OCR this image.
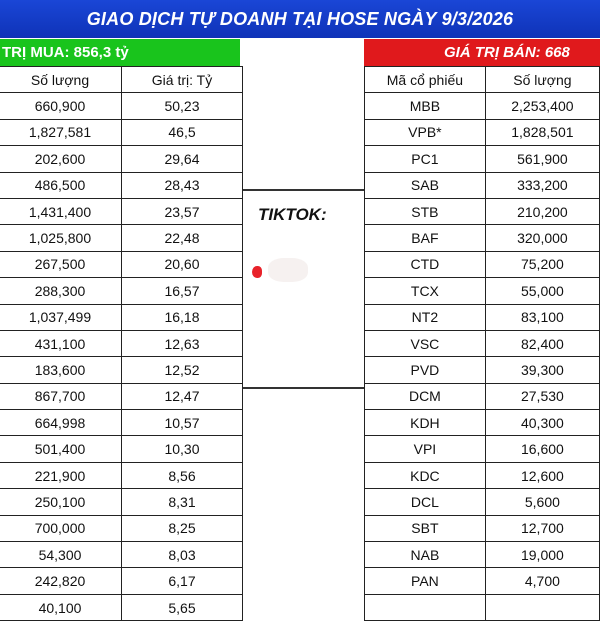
GIAO DỊCH TỰ DOANH TẠI HOSE NGÀY 9/3/2026
TRỊ MUA: 856,3 tỷ	GIÁ TRỊ BÁN: 668
TIKTOK:
Số lượng	Giá trị: Tỷ
660,900	50,23
1,827,581	46,5
202,600	29,64
486,500	28,43
1,431,400	23,57
1,025,800	22,48
267,500	20,60
288,300	16,57
1,037,499	16,18
431,100	12,63
183,600	12,52
867,700	12,47
664,998	10,57
501,400	10,30
221,900	8,56
250,100	8,31
700,000	8,25
54,300	8,03
242,820	6,17
40,100	5,65
Mã cổ phiếu	Số lượng
MBB	2,253,400
VPB*	1,828,501
PC1	561,900
SAB	333,200
STB	210,200
BAF	320,000
CTD	75,200
TCX	55,000
NT2	83,100
VSC	82,400
PVD	39,300
DCM	27,530
KDH	40,300
VPI	16,600
KDC	12,600
DCL	5,600
SBT	12,700
NAB	19,000
PAN	4,700
